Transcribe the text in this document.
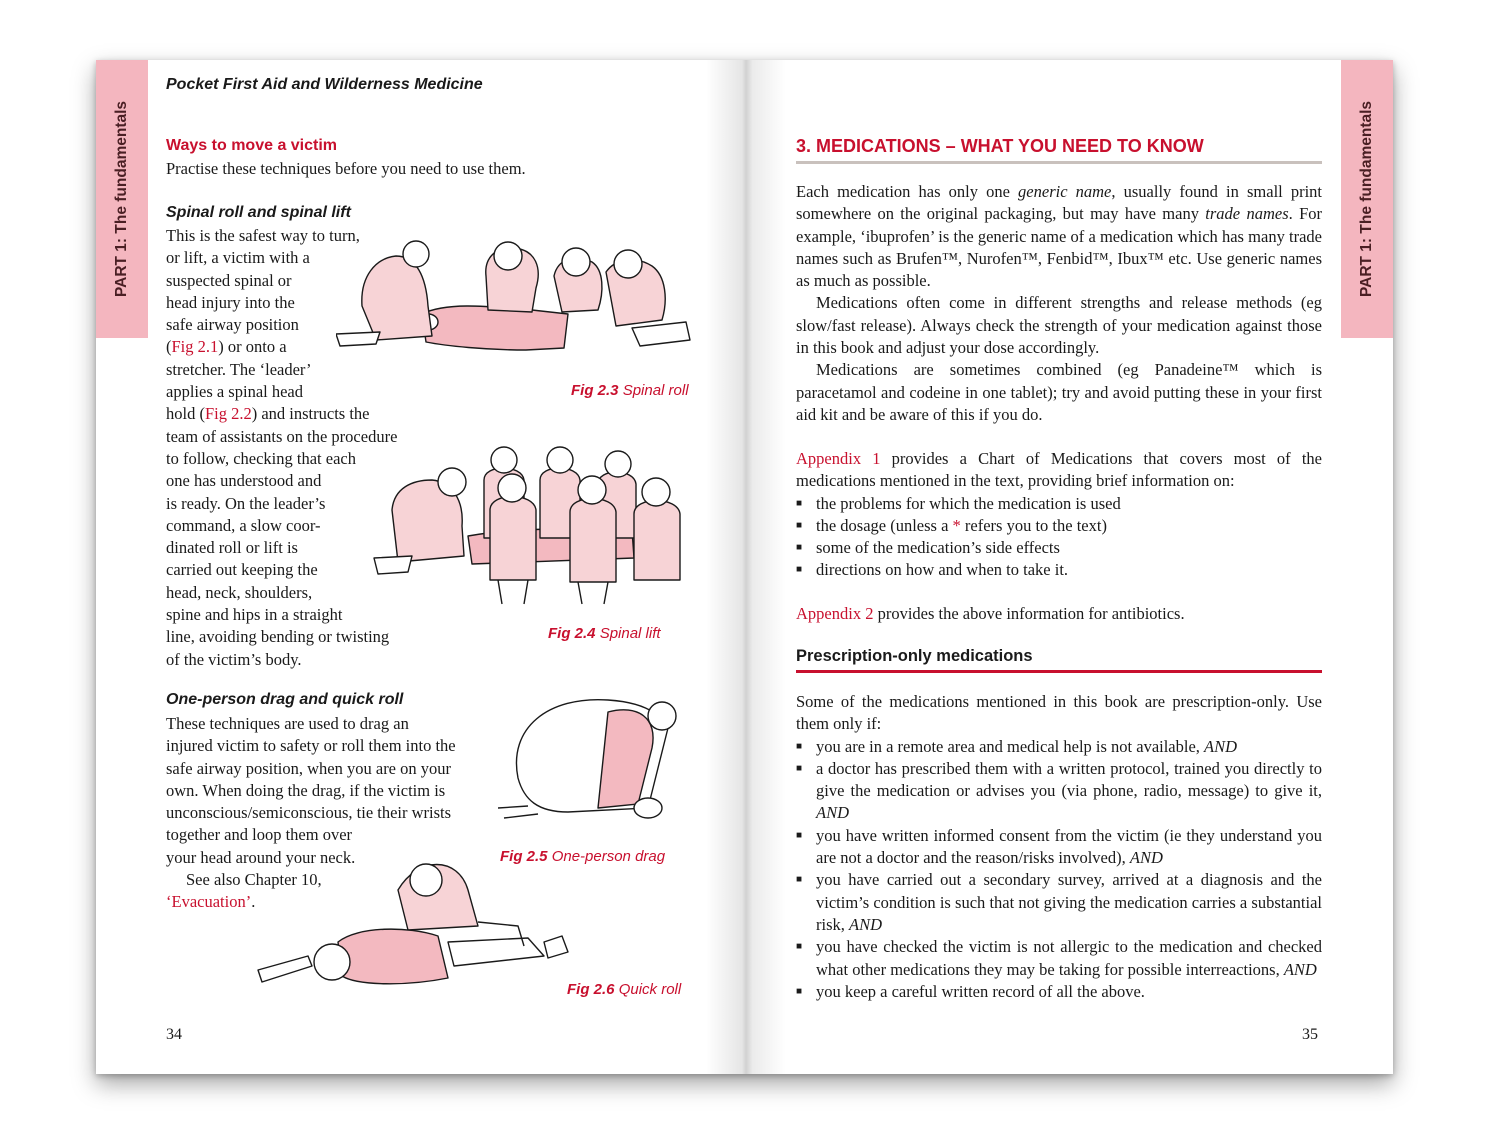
PART 1: The fundamentals	PART 1: The fundamentals
Pocket First Aid and Wilderness Medicine
Ways to move a victim
Practise these techniques before you need to use them.
Spinal roll and spinal lift
This is the safest way to turn,
or lift, a victim with a
suspected spinal or
head injury into the
safe airway position
(Fig 2.1) or onto a
stretcher. The ‘leader’
applies a spinal head
hold (Fig 2.2) and instructs the
team of assistants on the procedure
to follow, checking that each
one has understood and
is ready. On the leader’s
command, a slow coor-
dinated roll or lift is
carried out keeping the
head, neck, shoulders,
spine and hips in a straight
line, avoiding bending or twisting
of the victim’s body.
One-person drag and quick roll
These techniques are used to drag an
injured victim to safety or roll them into the
safe airway position, when you are on your
own. When doing the drag, if the victim is
unconscious/semiconscious, tie their wrists
together and loop them over
your head around your neck.
See also Chapter 10,
‘Evacuation’.
Fig 2.3 Spinal roll
Fig 2.4 Spinal lift
Fig 2.5 One-person drag
Fig 2.6 Quick roll
34
3. MEDICATIONS – WHAT YOU NEED TO KNOW

Each medication has only one generic name, usually found in small print somewhere on the original packaging, but may have many trade names. For example, ‘ibuprofen’ is the generic name of a medication which has many trade names such as Brufen™, Nurofen™, Fenbid™, Ibux™ etc. Use generic names as much as possible.

Medications often come in different strengths and release methods (eg slow/fast release). Always check the strength of your medication against those in this book and adjust your dose accordingly.

Medications are sometimes combined (eg Panadeine™ which is paracetamol and codeine in one tablet); try and avoid putting these in your first aid kit and be aware of this if you do.

Appendix 1 provides a Chart of Medications that covers most of the medications mentioned in the text, providing brief information on:

■ the problems for which the medication is used
■ the dosage (unless a * refers you to the text)
■ some of the medication’s side effects
■ directions on how and when to take it.
Appendix 2 provides the above information for antibiotics.
Prescription-only medications

Some of the medications mentioned in this book are prescription-only. Use them only if:

■ you are in a remote area and medical help is not available, AND
■ a doctor has prescribed them with a written protocol, trained you directly to give the medication or advises you (via phone, radio, message) to give it, AND
■ you have written informed consent from the victim (ie they understand you are not a doctor and the reason/risks involved), AND
■ you have carried out a secondary survey, arrived at a diagnosis and the victim’s condition is such that not giving the medication carries a substantial risk, AND
■ you have checked the victim is not allergic to the medication and checked what other medications they may be taking for possible interreactions, AND
■ you keep a careful written record of all the above.
35
